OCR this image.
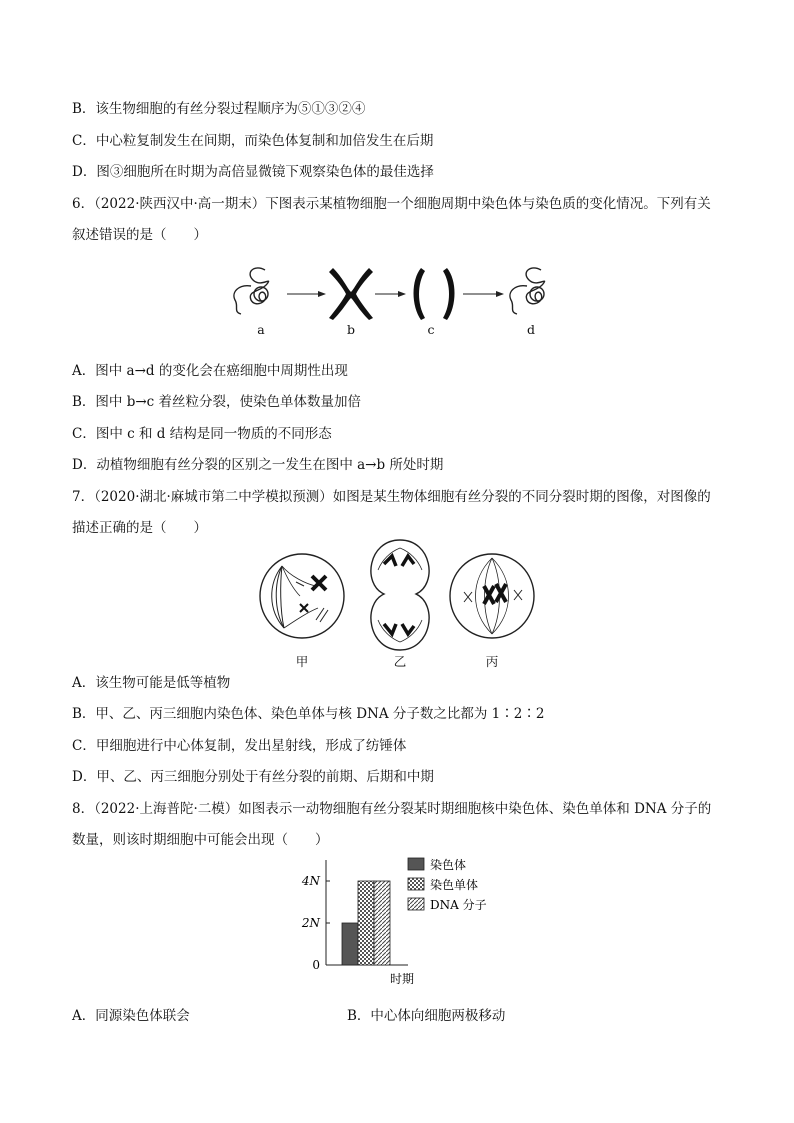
B．该生物细胞的有丝分裂过程顺序为⑤①③②④
C．中心粒复制发生在间期，而染色体复制和加倍发生在后期
D．图③细胞所在时期为高倍显微镜下观察染色体的最佳选择
6．（2022·陕西汉中·高一期末）下图表示某植物细胞一个细胞周期中染色体与染色质的变化情况。下列有关
叙述错误的是（　　）
a	b	c	d
A．图中 a→d 的变化会在癌细胞中周期性出现
B．图中 b→c 着丝粒分裂，使染色单体数量加倍
C．图中 c 和 d 结构是同一物质的不同形态
D．动植物细胞有丝分裂的区别之一发生在图中 a→b 所处时期
7．（2020·湖北·麻城市第二中学模拟预测）如图是某生物体细胞有丝分裂的不同分裂时期的图像，对图像的
描述正确的是（　　）
甲	乙	丙
A．该生物可能是低等植物
B．甲、乙、丙三细胞内染色体、染色单体与核 DNA 分子数之比都为 1∶2∶2
C．甲细胞进行中心体复制，发出星射线，形成了纺锤体
D．甲、乙、丙三细胞分别处于有丝分裂的前期、后期和中期
8．（2022·上海普陀·二模）如图表示一动物细胞有丝分裂某时期细胞核中染色体、染色单体和 DNA 分子的
数量，则该时期细胞中可能会出现（　　）
0
2N
4N
时期
染色体
染色单体
DNA 分子
A．同源染色体联会	B．中心体向细胞两极移动
